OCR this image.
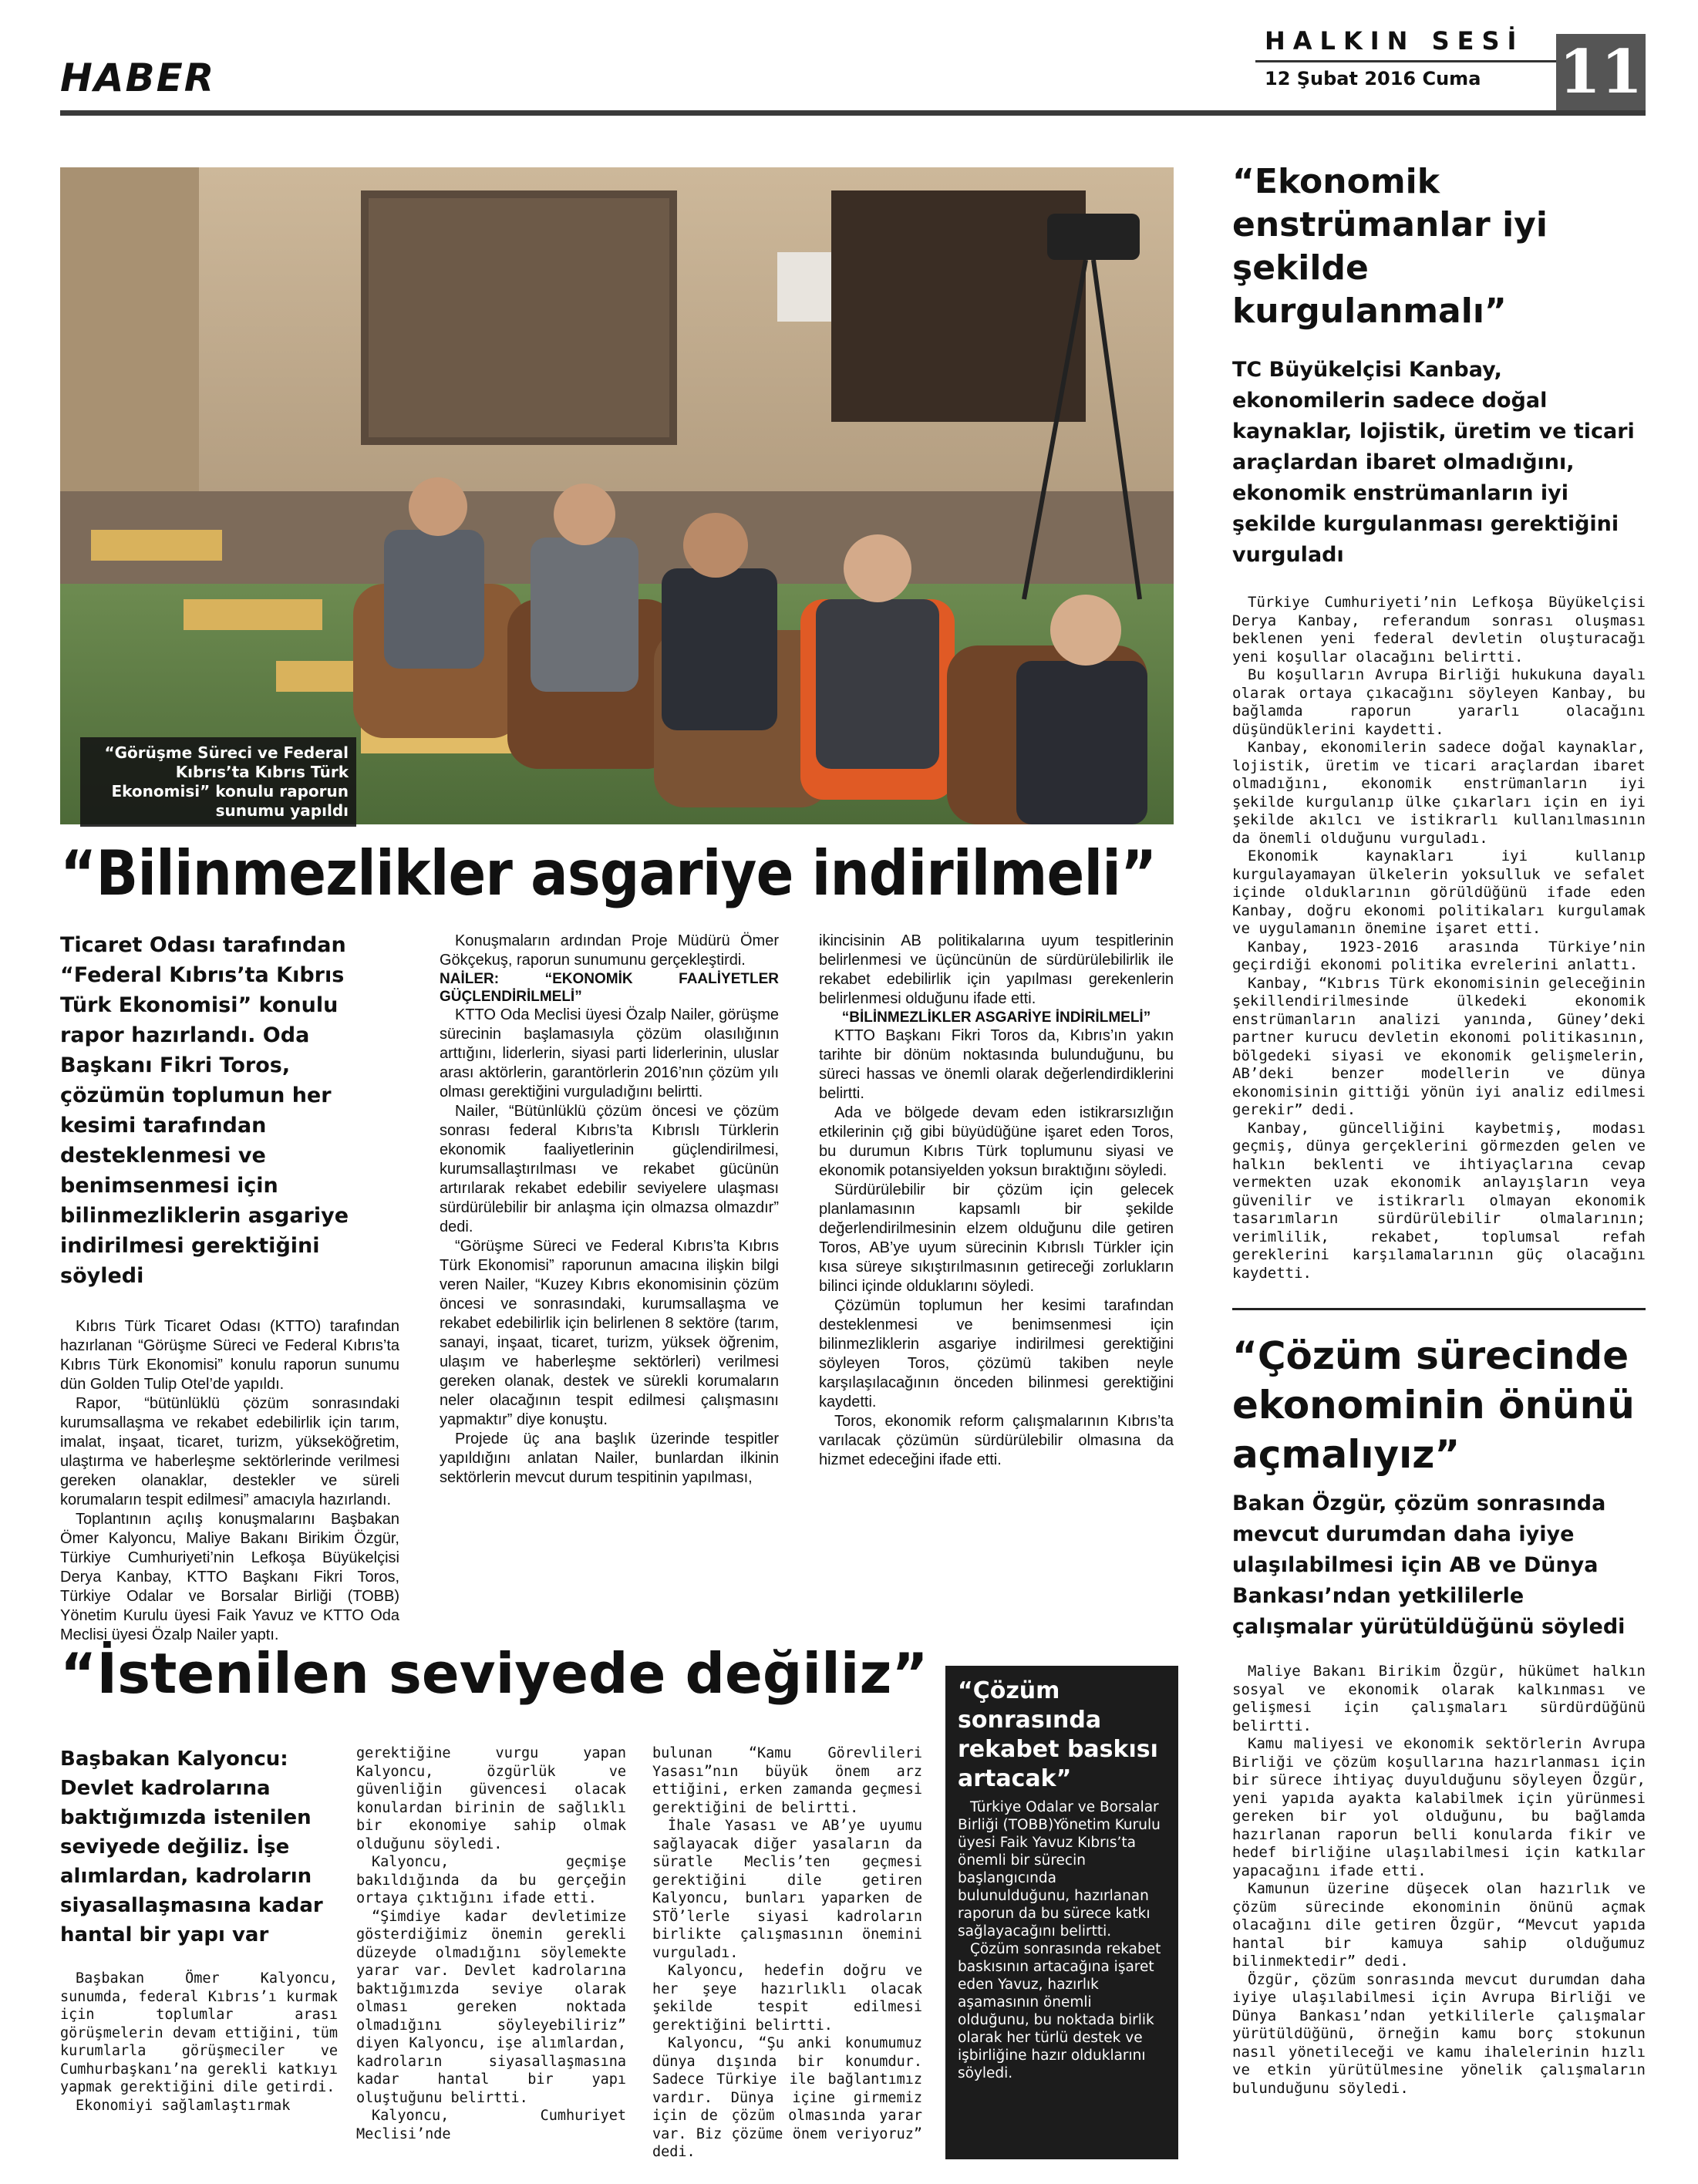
HABER
HALKIN SESİ
12 Şubat 2016 Cuma 11
“Görüşme Süreci ve Federal Kıbrıs’ta Kıbrıs Türk Ekonomisi” konulu raporun sunumu yapıldı
“Bilinmezlikler asgariye indirilmeli”
Ticaret Odası tarafından “Federal Kıbrıs’ta Kıbrıs Türk Ekonomisi” konulu rapor hazırlandı. Oda Başkanı Fikri Toros, çözümün toplumun her kesimi tarafından desteklenmesi ve benimsenmesi için bilinmezliklerin asgariye indirilmesi gerektiğini söyledi

Kıbrıs Türk Ticaret Odası (KTTO) tarafından hazırlanan “Görüşme Süreci ve Federal Kıbrıs’ta Kıbrıs Türk Ekonomisi” konulu raporun sunumu dün Golden Tulip Otel’de yapıldı.

Rapor, “bütünlüklü çözüm sonrasındaki kurumsallaşma ve rekabet edebilirlik için tarım, imalat, inşaat, ticaret, turizm, yükseköğretim, ulaştırma ve haberleşme sektörlerinde verilmesi gereken olanaklar, destekler ve süreli korumaların tespit edilmesi” amacıyla hazırlandı.

Toplantının açılış konuşmalarını Başbakan Ömer Kalyoncu, Maliye Bakanı Birikim Özgür, Türkiye Cumhuriyeti’nin Lefkoşa Büyükelçisi Derya Kanbay, KTTO Başkanı Fikri Toros, Türkiye Odalar ve Borsalar Birliği (TOBB) Yönetim Kurulu üyesi Faik Yavuz ve KTTO Oda Meclisi üyesi Özalp Nailer yaptı.

Konuşmaların ardından Proje Müdürü Ömer Gökçekuş, raporun sunumunu gerçekleştirdi.

NAİLER: “EKONOMİK FAALİYETLER GÜÇLENDİRİLMELİ”

KTTO Oda Meclisi üyesi Özalp Nailer, görüşme sürecinin başlamasıyla çözüm olasılığının arttığını, liderlerin, siyasi parti liderlerinin, uluslar arası aktörlerin, garantörlerin 2016’nın çözüm yılı olması gerektiğini vurguladığını belirtti.

Nailer, “Bütünlüklü çözüm öncesi ve çözüm sonrası federal Kıbrıs’ta Kıbrıslı Türklerin ekonomik faaliyetlerinin güçlendirilmesi, kurumsallaştırılması ve rekabet gücünün artırılarak rekabet edebilir seviyelere ulaşması sürdürülebilir bir anlaşma için olmazsa olmazdır” dedi.

“Görüşme Süreci ve Federal Kıbrıs’ta Kıbrıs Türk Ekonomisi” raporunun amacına ilişkin bilgi veren Nailer, “Kuzey Kıbrıs ekonomisinin çözüm öncesi ve sonrasındaki, kurumsallaşma ve rekabet edebilirlik için belirlenen 8 sektöre (tarım, sanayi, inşaat, ticaret, turizm, yüksek öğrenim, ulaşım ve haberleşme sektörleri) verilmesi gereken olanak, destek ve sürekli korumaların neler olacağının tespit edilmesi çalışmasını yapmaktır” diye konuştu.

Projede üç ana başlık üzerinde tespitler yapıldığını anlatan Nailer, bunlardan ilkinin sektörlerin mevcut durum tespitinin yapılması,

ikincisinin AB politikalarına uyum tespitlerinin belirlenmesi ve üçüncünün de sürdürülebilirlik ile rekabet edebilirlik için yapılması gerekenlerin belirlenmesi olduğunu ifade etti.

“BİLİNMEZLİKLER ASGARİYE İNDİRİLMELİ”

KTTO Başkanı Fikri Toros da, Kıbrıs’ın yakın tarihte bir dönüm noktasında bulunduğunu, bu süreci hassas ve önemli olarak değerlendirdiklerini belirtti.

Ada ve bölgede devam eden istikrarsızlığın etkilerinin çığ gibi büyüdüğüne işaret eden Toros, bu durumun Kıbrıs Türk toplumunu siyasi ve ekonomik potansiyelden yoksun bıraktığını söyledi.

Sürdürülebilir bir çözüm için gelecek planlamasının kapsamlı bir şekilde değerlendirilmesinin elzem olduğunu dile getiren Toros, AB’ye uyum sürecinin Kıbrıslı Türkler için kısa süreye sıkıştırılmasının getireceği zorlukların bilinci içinde olduklarını söyledi.

Çözümün toplumun her kesimi tarafından desteklenmesi ve benimsenmesi için bilinmezliklerin asgariye indirilmesi gerektiğini söyleyen Toros, çözümü takiben neyle karşılaşılacağının önceden bilinmesi gerektiğini kaydetti.

Toros, ekonomik reform çalışmalarının Kıbrıs’ta varılacak çözümün sürdürülebilir olmasına da hizmet edeceğini ifade etti.

“Ekonomik enstrümanlar iyi şekilde kurgulanmalı”
TC Büyükelçisi Kanbay, ekonomilerin sadece doğal kaynaklar, lojistik, üretim ve ticari araçlardan ibaret olmadığını, ekonomik enstrümanların iyi şekilde kurgulanması gerektiğini vurguladı

Türkiye Cumhuriyeti’nin Lefkoşa Büyükelçisi Derya Kanbay, referandum sonrası oluşması beklenen yeni federal devletin oluşturacağı yeni koşullar olacağını belirtti.

Bu koşulların Avrupa Birliği hukukuna dayalı olarak ortaya çıkacağını söyleyen Kanbay, bu bağlamda raporun yararlı olacağını düşündüklerini kaydetti.

Kanbay, ekonomilerin sadece doğal kaynaklar, lojistik, üretim ve ticari araçlardan ibaret olmadığını, ekonomik enstrümanların iyi şekilde kurgulanıp ülke çıkarları için en iyi şekilde akılcı ve istikrarlı kullanılmasının da önemli olduğunu vurguladı.

Ekonomik kaynakları iyi kullanıp kurgulayamayan ülkelerin yoksulluk ve sefalet içinde olduklarının görüldüğünü ifade eden Kanbay, doğru ekonomi politikaları kurgulamak ve uygulamanın önemine işaret etti.

Kanbay, 1923-2016 arasında Türkiye’nin geçirdiği ekonomi politika evrelerini anlattı.

Kanbay, “Kıbrıs Türk ekonomisinin geleceğinin şekillendirilmesinde ülkedeki ekonomik enstrümanların analizi yanında, Güney’deki partner kurucu devletin ekonomi politikasının, bölgedeki siyasi ve ekonomik gelişmelerin, AB’deki benzer modellerin ve dünya ekonomisinin gittiği yönün iyi analiz edilmesi gerekir” dedi.

Kanbay, güncelliğini kaybetmiş, modası geçmiş, dünya gerçeklerini görmezden gelen ve halkın beklenti ve ihtiyaçlarına cevap vermekten uzak ekonomik anlayışların veya güvenilir ve istikrarlı olmayan ekonomik tasarımların sürdürülebilir olmalarının; verimlilik, rekabet, toplumsal refah gereklerini karşılamalarının güç olacağını kaydetti.

“Çözüm sürecinde ekonominin önünü açmalıyız”
Bakan Özgür, çözüm sonrasında mevcut durumdan daha iyiye ulaşılabilmesi için AB ve Dünya Bankası’ndan yetkililerle çalışmalar yürütüldüğünü söyledi

Maliye Bakanı Birikim Özgür, hükümet halkın sosyal ve ekonomik olarak kalkınması ve gelişmesi için çalışmaları sürdürdüğünü belirtti.

Kamu maliyesi ve ekonomik sektörlerin Avrupa Birliği ve çözüm koşullarına hazırlanması için bir sürece ihtiyaç duyulduğunu söyleyen Özgür, yeni yapıda ayakta kalabilmek için yürünmesi gereken bir yol olduğunu, bu bağlamda hazırlanan raporun belli konularda fikir ve hedef birliğine ulaşılabilmesi için katkılar yapacağını ifade etti.

Kamunun üzerine düşecek olan hazırlık ve çözüm sürecinde ekonominin önünü açmak olacağını dile getiren Özgür, “Mevcut yapıda hantal bir kamuya sahip olduğumuz bilinmektedir” dedi.

Özgür, çözüm sonrasında mevcut durumdan daha iyiye ulaşılabilmesi için Avrupa Birliği ve Dünya Bankası’ndan yetkililerle çalışmalar yürütüldüğünü, örneğin kamu borç stokunun nasıl yönetileceği ve kamu ihalelerinin hızlı ve etkin yürütülmesine yönelik çalışmaların bulunduğunu söyledi.

“İstenilen seviyede değiliz”
Başbakan Kalyoncu: Devlet kadrolarına baktığımızda istenilen seviyede değiliz. İşe alımlardan, kadroların siyasallaşmasına kadar hantal bir yapı var

Başbakan Ömer Kalyoncu, sunumda, federal Kıbrıs’ı kurmak için toplumlar arası görüşmelerin devam ettiğini, tüm kurumlarla görüşmeciler ve Cumhurbaşkanı’na gerekli katkıyı yapmak gerektiğini dile getirdi.

Ekonomiyi sağlamlaştırmak

gerektiğine vurgu yapan Kalyoncu, özgürlük ve güvenliğin güvencesi olacak konulardan birinin de sağlıklı bir ekonomiye sahip olmak olduğunu söyledi.

Kalyoncu, geçmişe bakıldığında da bu gerçeğin ortaya çıktığını ifade etti.

“Şimdiye kadar devletimize gösterdiğimiz önemin gerekli düzeyde olmadığını söylemekte yarar var. Devlet kadrolarına baktığımızda seviye olarak olması gereken noktada olmadığını söyleyebiliriz” diyen Kalyoncu, işe alımlardan, kadroların siyasallaşmasına kadar hantal bir yapı oluştuğunu belirtti.

Kalyoncu, Cumhuriyet Meclisi’nde

bulunan “Kamu Görevlileri Yasası”nın büyük önem arz ettiğini, erken zamanda geçmesi gerektiğini de belirtti.

İhale Yasası ve AB’ye uyumu sağlayacak diğer yasaların da süratle Meclis’ten geçmesi gerektiğini dile getiren Kalyoncu, bunları yaparken de STÖ’lerle siyasi kadroların birlikte çalışmasının önemini vurguladı.

Kalyoncu, hedefin doğru ve her şeye hazırlıklı olacak şekilde tespit edilmesi gerektiğini belirtti.

Kalyoncu, “Şu anki konumumuz dünya dışında bir konumdur. Sadece Türkiye ile bağlantımız vardır. Dünya içine girmemiz için de çözüm olmasında yarar var. Biz çözüme önem veriyoruz” dedi.

“Çözüm sonrasında rekabet baskısı artacak”

Türkiye Odalar ve Borsalar Birliği (TOBB)Yönetim Kurulu üyesi Faik Yavuz Kıbrıs’ta önemli bir sürecin başlangıcında bulunulduğunu, hazırlanan raporun da bu sürece katkı sağlayacağını belirtti.

Çözüm sonrasında rekabet baskısının artacağına işaret eden Yavuz, hazırlık aşamasının önemli olduğunu, bu noktada birlik olarak her türlü destek ve işbirliğine hazır olduklarını söyledi.
